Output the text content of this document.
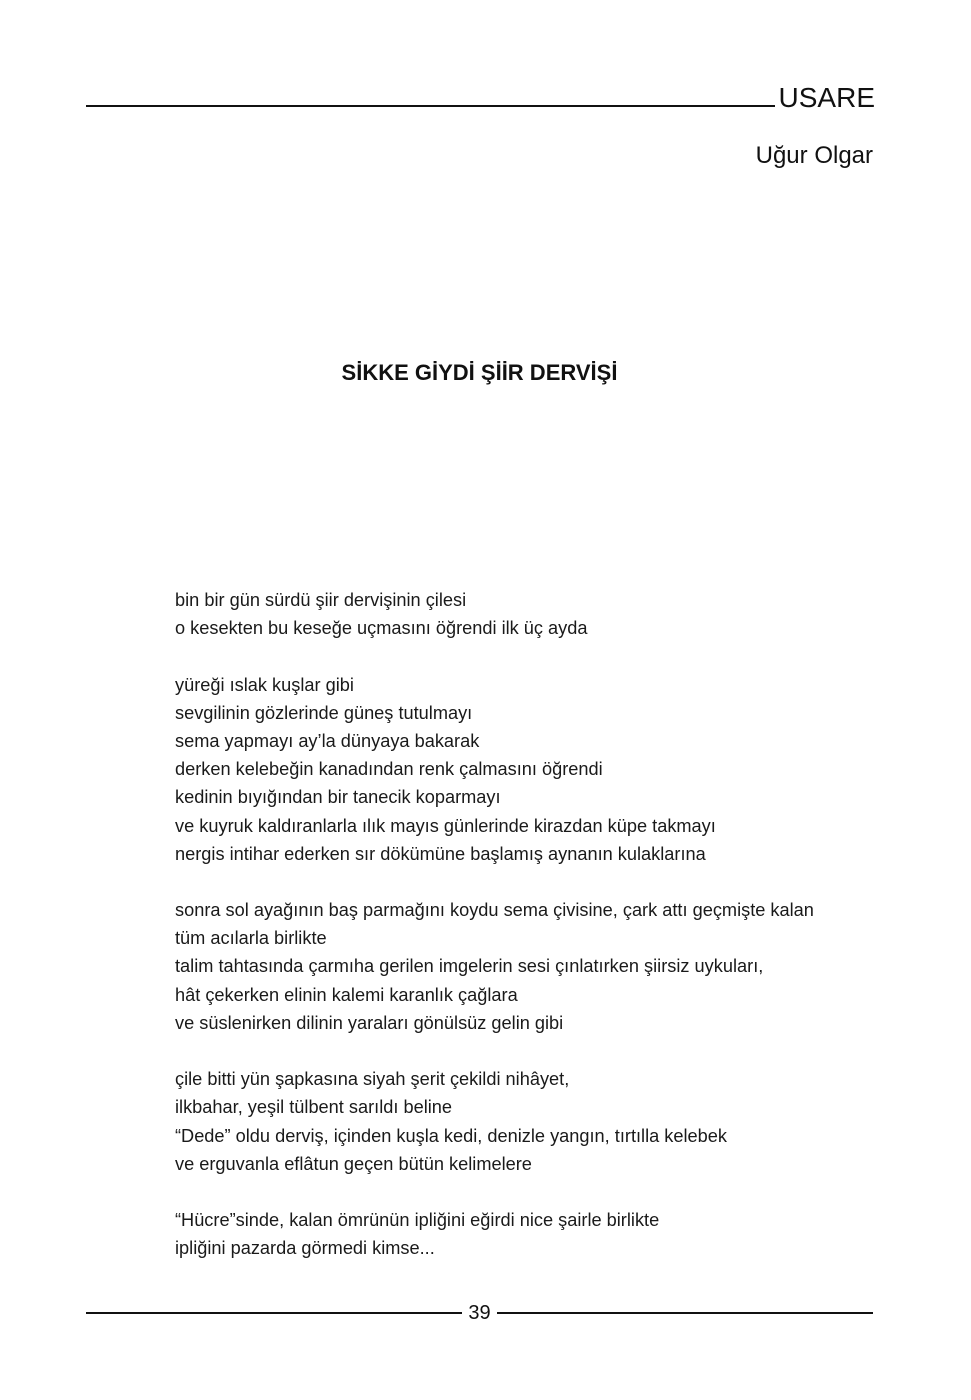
USARE
Uğur Olgar
SİKKE GİYDİ ŞİİR DERVİŞİ
bin bir gün sürdü şiir dervişinin çilesi
o kesekten bu keseğe uçmasını öğrendi ilk üç ayda
yüreği ıslak kuşlar gibi
sevgilinin gözlerinde güneş tutulmayı
sema yapmayı ay’la dünyaya bakarak
derken kelebeğin kanadından renk çalmasını öğrendi
kedinin bıyığından bir tanecik koparmayı
ve kuyruk kaldıranlarla ılık mayıs günlerinde kirazdan küpe takmayı
nergis intihar ederken sır dökümüne başlamış aynanın kulaklarına
sonra sol ayağının baş parmağını koydu sema çivisine, çark attı geçmişte kalan
tüm acılarla birlikte
talim tahtasında çarmıha gerilen imgelerin sesi çınlatırken şiirsiz uykuları,
hât çekerken elinin kalemi karanlık çağlara
ve süslenirken dilinin yaraları gönülsüz gelin gibi
çile bitti yün şapkasına siyah şerit çekildi nihâyet,
ilkbahar, yeşil tülbent sarıldı beline
“Dede” oldu derviş, içinden kuşla kedi, denizle yangın, tırtılla kelebek
ve erguvanla eflâtun geçen bütün kelimelere
“Hücre”sinde, kalan ömrünün ipliğini eğirdi nice şairle birlikte
ipliğini pazarda görmedi kimse...
39
